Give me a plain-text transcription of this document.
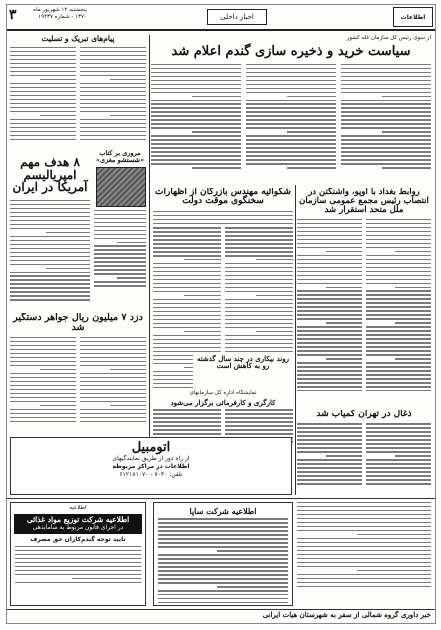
اطلاعات
اخبار داخلی
پنجشنبه ۱۲ شهریور ماه ۱۳۷۰ - شماره ۱۹۴۳۷
۳
از سوی رئیس کل سازمان غله کشور
سیاست خرید و ذخیره سازی گندم اعلام شد
پیام‌های تبریک و تسلیت
مروری بر کتاب «شستشو مغزی»
۸ هدف مهم امپریالیسم آمریکا در ایران	شکوائیه مهندس بازرگان از اظهارات سخنگوی موقت دولت
روابط بغداد با آوپو، واشنگتن در انتصاب رئیس مجمع عمومی سازمان ملل متحد استقرار شد
دزد ۷ میلیون ریال جواهر دستگیر شد
نمایشگاه اداره کل سازمانهای
کارگری و کارفرمائی برگزار می‌شود
روند بیکاری در چند سال گذشته رو به کاهش است
ذغال در تهران کمیاب شد
اتومبیل
از راه دور از طریق نمایندگیهای
اطلاعات در مراکز مربوطه
تلفن: ۷۰۳۰ - ۶۱۲۱۸۱۰۷۰
اطلاعیه
اطلاعیه شرکت توزیع مواد غذائی
در اجرای قانون مربوط به ساماندهی
تایید توجه گندم‌کاران حق مصرف
اطلاعیه شرکت ساپا
خبر داوری گروه شمالی از سفر به شهرستان هیات ایرانی
